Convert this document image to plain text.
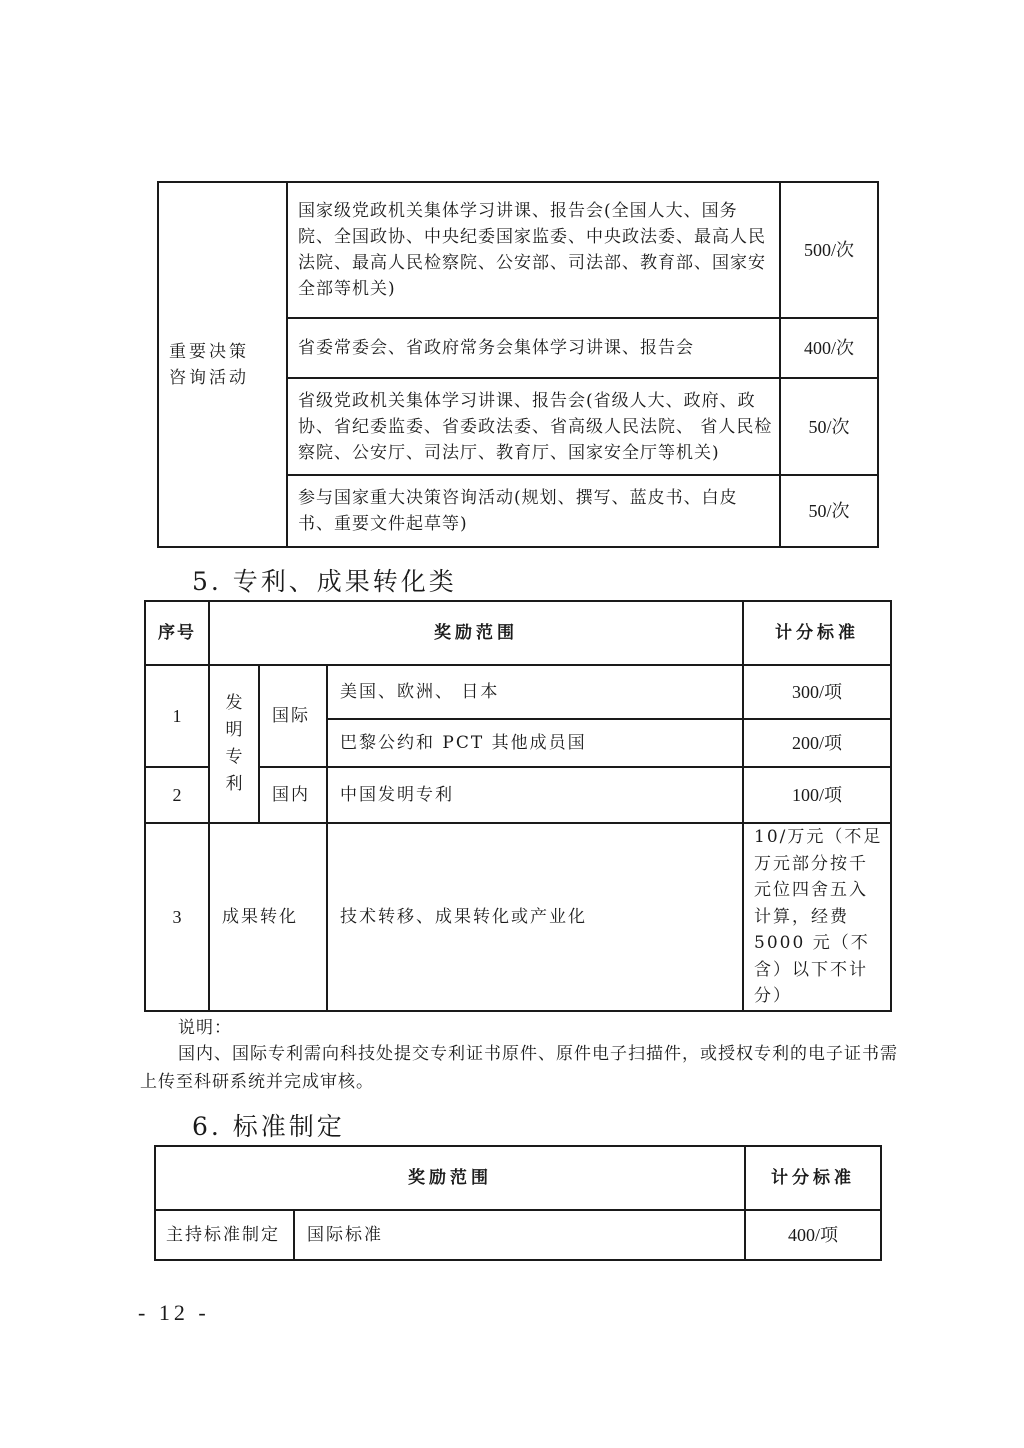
重要决策咨询活动	国家级党政机关集体学习讲课、报告会(全国人大、国务院、全国政协、中央纪委国家监委、中央政法委、最高人民法院、最高人民检察院、公安部、司法部、教育部、国家安全部等机关)	500/次
	省委常委会、省政府常务会集体学习讲课、报告会	400/次
	省级党政机关集体学习讲课、报告会(省级人大、政府、政协、省纪委监委、省委政法委、省高级人民法院、 省人民检察院、公安厅、司法厅、教育厅、国家安全厅等机关)	50/次
	参与国家重大决策咨询活动(规划、撰写、蓝皮书、白皮书、重要文件起草等)	50/次
5. 专利、成果转化类
序号	奖励范围			计分标准
1	发明专利	国际	美国、欧洲、 日本	300/项
			巴黎公约和 PCT 其他成员国	200/项
2		国内	中国发明专利	100/项
3	成果转化		技术转移、成果转化或产业化	10/万元（不足万元部分按千元位四舍五入计算，经费 5000 元（不含）以下不计分）

说明：

国内、国际专利需向科技处提交专利证书原件、原件电子扫描件，或授权专利的电子证书需上传至科研系统并完成审核。

6. 标准制定
奖励范围		计分标准
主持标准制定	国际标准	400/项
- 12 -
